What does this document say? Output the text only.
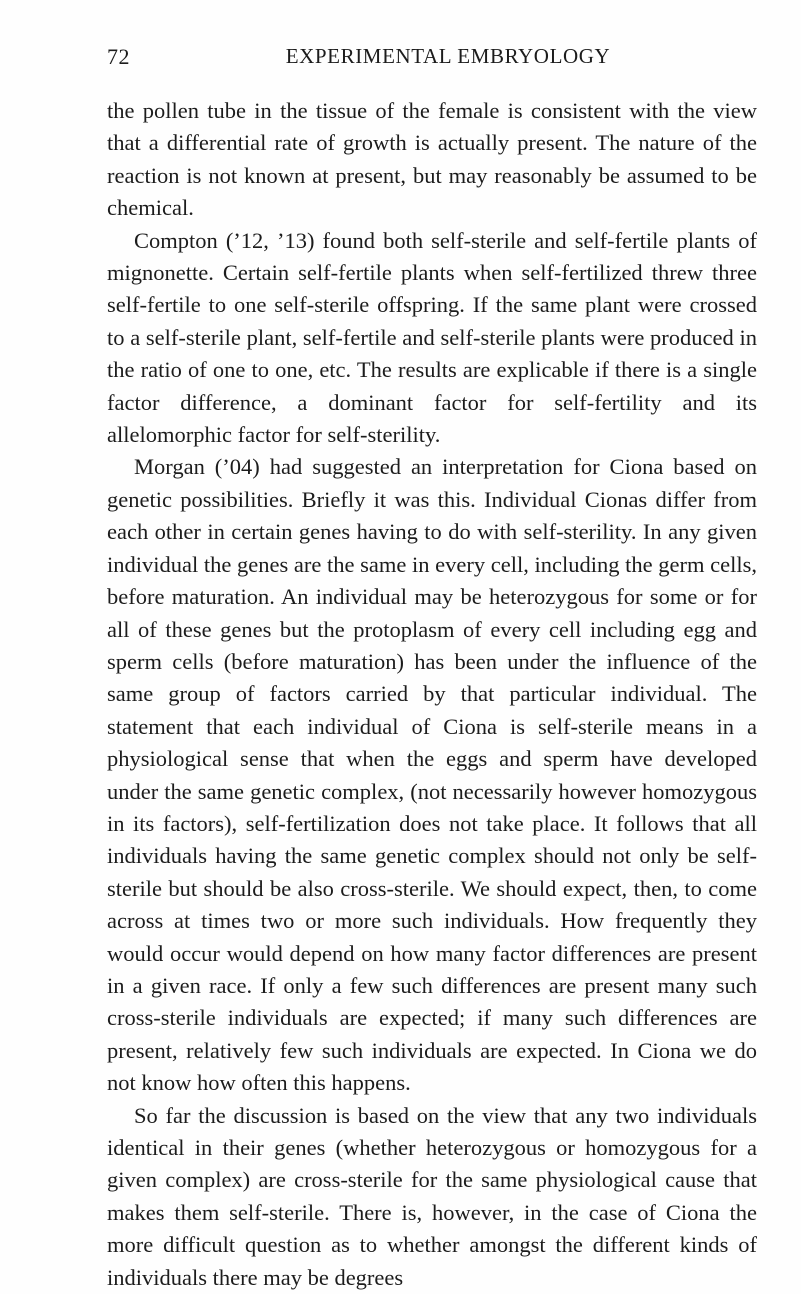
72	EXPERIMENTAL EMBRYOLOGY

the pollen tube in the tissue of the female is consistent with the view that a differential rate of growth is actually present. The nature of the reaction is not known at present, but may reasonably be assumed to be chemical.

Compton (’12, ’13) found both self-sterile and self-fertile plants of mignonette. Certain self-fertile plants when self-fertilized threw three self-fertile to one self-sterile offspring. If the same plant were crossed to a self-sterile plant, self-fertile and self-sterile plants were produced in the ratio of one to one, etc. The results are explicable if there is a single factor difference, a dominant factor for self-fertility and its allelomorphic factor for self-sterility.

Morgan (’04) had suggested an interpretation for Ciona based on genetic possibilities. Briefly it was this. Individual Cionas differ from each other in certain genes having to do with self-sterility. In any given individual the genes are the same in every cell, including the germ cells, before maturation. An individual may be heterozygous for some or for all of these genes but the protoplasm of every cell including egg and sperm cells (before maturation) has been under the influence of the same group of factors carried by that particular individual. The statement that each individual of Ciona is self-sterile means in a physiological sense that when the eggs and sperm have developed under the same genetic complex, (not necessarily however homozygous in its factors), self-fertilization does not take place. It follows that all individuals having the same genetic complex should not only be self-sterile but should be also cross-sterile. We should expect, then, to come across at times two or more such individuals. How frequently they would occur would depend on how many factor differences are present in a given race. If only a few such differences are present many such cross-sterile individuals are expected; if many such differences are present, relatively few such individuals are expected. In Ciona we do not know how often this happens.

So far the discussion is based on the view that any two individuals identical in their genes (whether heterozygous or homozygous for a given complex) are cross-sterile for the same physiological cause that makes them self-sterile. There is, however, in the case of Ciona the more difficult question as to whether amongst the different kinds of individuals there may be degrees
